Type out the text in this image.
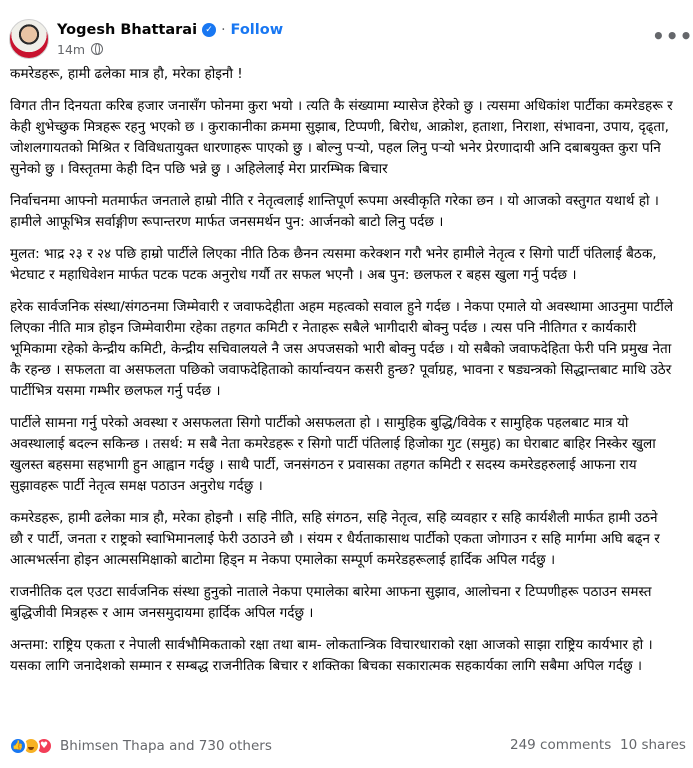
Yogesh Bhattarai ✓ · Follow
14m
•••

कमरेडहरू, हामी ढलेका मात्र हौ, मरेका होइनौ !

विगत तीन दिनयता करिब हजार जनासँग फोनमा कुरा भयो । त्यति कै संख्यामा म्यासेज हेरेको छु । त्यसमा अधिकांश पार्टीका कमरेडहरू र केही शुभेच्छुक मित्रहरू रहनु भएको छ । कुराकानीका क्रममा सुझाब, टिप्पणी, बिरोध, आक्रोश, हताशा, निराशा, संभावना, उपाय, दृढ्ता, जोशलगायतको मिश्रित र विविधतायुक्त धारणाहरू पाएको छु । बोल्नु पर्‍यो, पहल लिनु पर्‍यो भनेर प्रेरणादायी अनि दबाबयुक्त कुरा पनि सुनेको छु । विस्तृतमा केही दिन पछि भन्ने छु । अहिलेलाई मेरा प्रारम्भिक बिचार

निर्वाचनमा आफ्नो मतमार्फत जनताले हाम्रो नीति र नेतृत्वलाई शान्तिपूर्ण रूपमा अस्वीकृति गरेका छन । यो आजको वस्तुगत यथार्थ हो । हामीले आफूभित्र सर्वाङ्गीण रूपान्तरण मार्फत जनसमर्थन पुन: आर्जनको बाटो लिनु पर्दछ ।

मुलत: भाद्र २३ र २४ पछि हाम्रो पार्टीले लिएका नीति ठिक छैनन त्यसमा करेक्शन गरौ भनेर हामीले नेतृत्व र सिगो पार्टी पंतिलाई बैठक, भेटघाट र महाधिवेशन मार्फत पटक पटक अनुरोध गर्यौ तर सफल भएनौ । अब पुन: छलफल र बहस खुला गर्नु पर्दछ ।

हरेक सार्वजनिक संस्था/संगठनमा जिम्मेवारी र जवाफदेहीता अहम महत्वको सवाल हुने गर्दछ । नेकपा एमाले यो अवस्थामा आउनुमा पार्टीले लिएका नीति मात्र होइन जिम्मेवारीमा रहेका तहगत कमिटी र नेताहरू सबैले भागीदारी बोक्नु पर्दछ । त्यस पनि नीतिगत र कार्यकारी भूमिकामा रहेको केन्द्रीय कमिटी, केन्द्रीय सचिवालयले नै जस अपजसको भारी बोक्नु पर्दछ । यो सबैको जवाफदेहिता फेरी पनि प्रमुख नेता कै रहन्छ । सफलता वा असफलता पछिको जवाफदेहिताको कार्यान्वयन कसरी हुन्छ? पूर्वाग्रह, भावना र षड्यन्त्रको सिद्धान्तबाट माथि उठेर पार्टीभित्र यसमा गम्भीर छलफल गर्नु पर्दछ ।

पार्टीले सामना गर्नु परेको अवस्था र असफलता सिगो पार्टीको असफलता हो । सामुहिक बुद्धि/विवेक र सामुहिक पहलबाट मात्र यो अवस्थालाई बदल्न सकिन्छ । तसर्थ: म सबै नेता कमरेडहरू र सिगो पार्टी पंतिलाई हिजोका गुट (समुह) का घेराबाट बाहिर निस्केर खुला खुलस्त बहसमा सहभागी हुन आह्वान गर्दछु । साथै पार्टी, जनसंगठन र प्रवासका तहगत कमिटी र सदस्य कमरेडहरुलाई आफना राय सुझावहरू पार्टी नेतृत्व समक्ष पठाउन अनुरोध गर्दछु ।

कमरेडहरू, हामी ढलेका मात्र हौ, मरेका होइनौ । सहि नीति, सहि संगठन, सहि नेतृत्व, सहि व्यवहार र सहि कार्यशैली मार्फत हामी उठने छौ र पार्टी, जनता र राष्ट्रको स्वाभिमानलाई फेरी उठाउने छौ । संयम र धैर्यताकासाथ पार्टीको एकता जोगाउन र सहि मार्गमा अघि बढ्न र आत्मभर्त्सना होइन आत्मसमिक्षाको बाटोमा हिड्न म नेकपा एमालेका सम्पूर्ण कमरेडहरूलाई हार्दिक अपिल गर्दछु ।

राजनीतिक दल एउटा सार्वजनिक संस्था हुनुको नाताले नेकपा एमालेका बारेमा आफना सुझाव, आलोचना र टिप्पणीहरू पठाउन समस्त बुद्धिजीवी मित्रहरू र आम जनसमुदायमा हार्दिक अपिल गर्दछु ।

अन्तमा: राष्ट्रिय एकता र नेपाली सार्वभौमिकताको रक्षा तथा बाम- लोकतान्त्रिक विचारधाराको रक्षा आजको साझा राष्ट्रिय कार्यभार हो । यसका लागि जनादेशको सम्मान र सम्बद्ध राजनीतिक बिचार र शक्तिका बिचका सकारात्मक सहकार्यका लागि सबैमा अपिल गर्दछु ।

👍
♥	Bhimsen Thapa and 730 others	249 comments 10 shares
